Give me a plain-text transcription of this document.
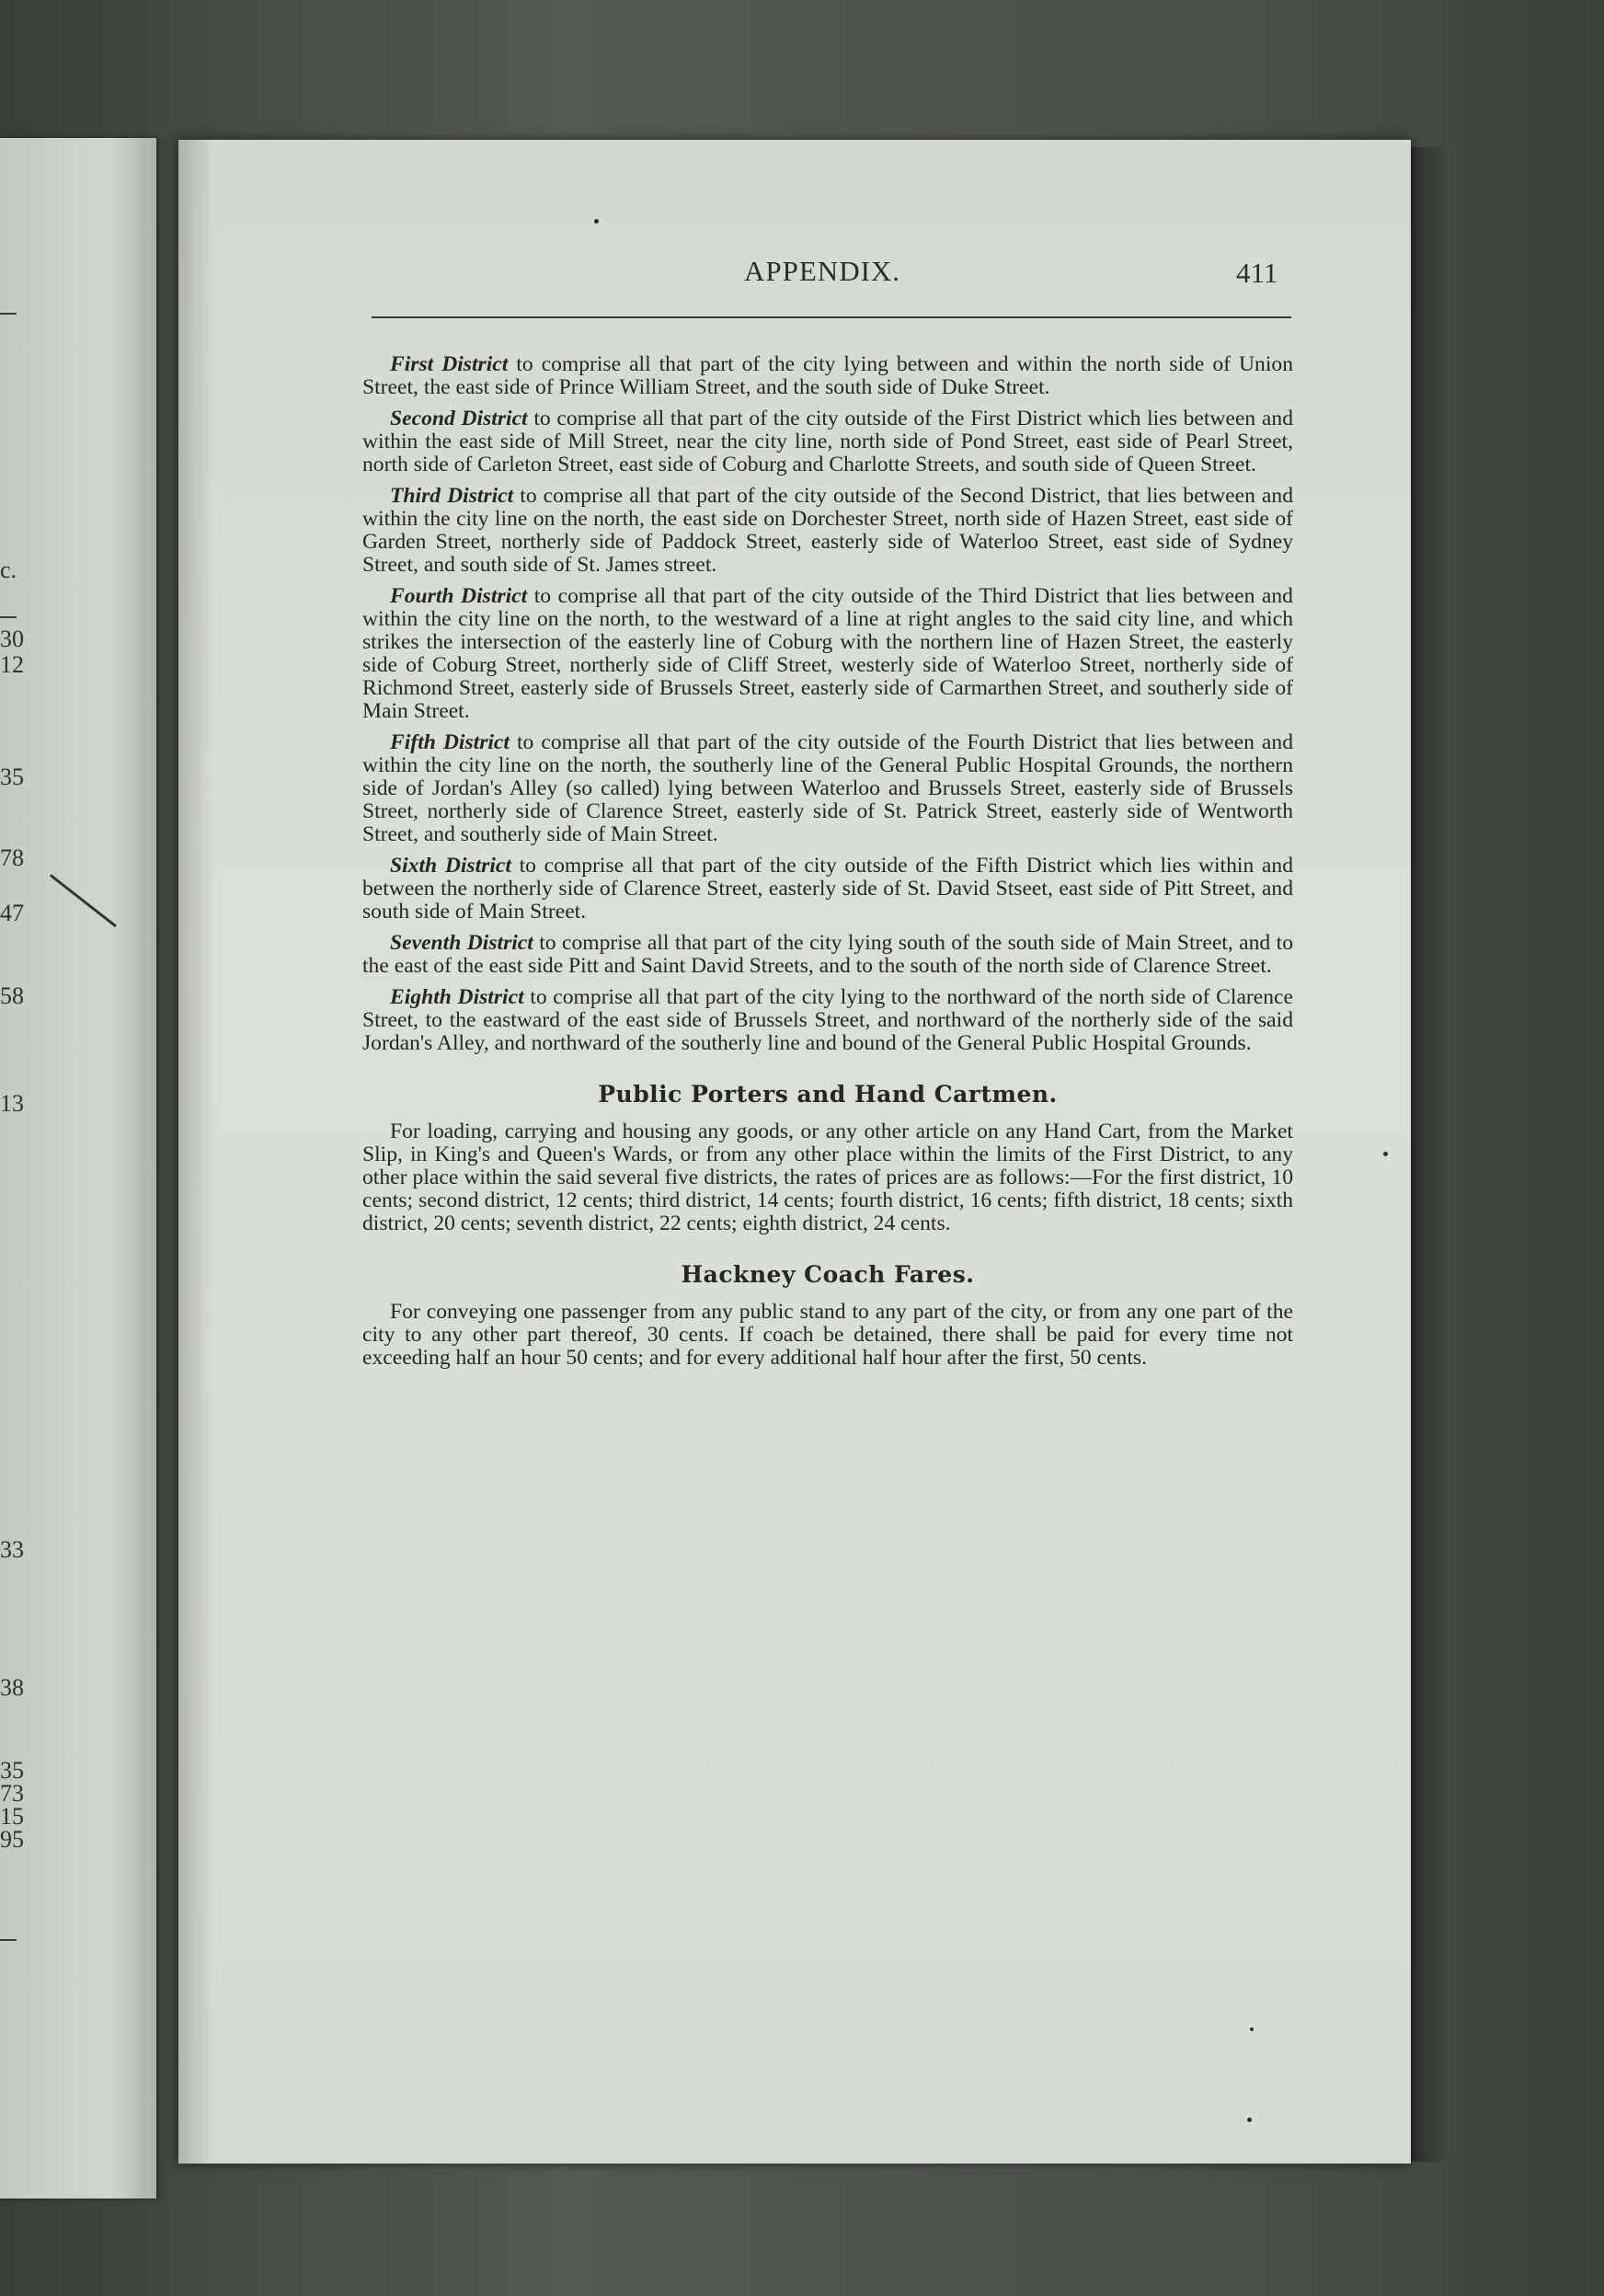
c.
30
12
35
78
47
58
13
33
38
35
73
15
95
APPENDIX.	411

First District to comprise all that part of the city lying between and within the north side of Union Street, the east side of Prince William Street, and the south side of Duke Street.

Second District to comprise all that part of the city outside of the First District which lies between and within the east side of Mill Street, near the city line, north side of Pond Street, east side of Pearl Street, north side of Carleton Street, east side of Coburg and Charlotte Streets, and south side of Queen Street.

Third District to comprise all that part of the city outside of the Second District, that lies between and within the city line on the north, the east side on Dorchester Street, north side of Hazen Street, east side of Garden Street, northerly side of Paddock Street, easterly side of Waterloo Street, east side of Sydney Street, and south side of St. James street.

Fourth District to comprise all that part of the city outside of the Third District that lies between and within the city line on the north, to the westward of a line at right angles to the said city line, and which strikes the intersection of the easterly line of Coburg with the northern line of Hazen Street, the easterly side of Coburg Street, northerly side of Cliff Street, westerly side of Waterloo Street, northerly side of Richmond Street, easterly side of Brussels Street, easterly side of Carmarthen Street, and southerly side of Main Street.

Fifth District to comprise all that part of the city outside of the Fourth District that lies between and within the city line on the north, the southerly line of the General Public Hospital Grounds, the northern side of Jordan's Alley (so called) lying between Waterloo and Brussels Street, easterly side of Brussels Street, northerly side of Clarence Street, easterly side of St. Patrick Street, easterly side of Wentworth Street, and southerly side of Main Street.

Sixth District to comprise all that part of the city outside of the Fifth District which lies within and between the northerly side of Clarence Street, easterly side of St. David Stseet, east side of Pitt Street, and south side of Main Street.

Seventh District to comprise all that part of the city lying south of the south side of Main Street, and to the east of the east side Pitt and Saint David Streets, and to the south of the north side of Clarence Street.

Eighth District to comprise all that part of the city lying to the northward of the north side of Clarence Street, to the eastward of the east side of Brussels Street, and northward of the northerly side of the said Jordan's Alley, and northward of the southerly line and bound of the General Public Hospital Grounds.

Public Porters and Hand Cartmen.

For loading, carrying and housing any goods, or any other article on any Hand Cart, from the Market Slip, in King's and Queen's Wards, or from any other place within the limits of the First District, to any other place within the said several five districts, the rates of prices are as follows:—For the first district, 10 cents; second district, 12 cents; third district, 14 cents; fourth district, 16 cents; fifth district, 18 cents; sixth district, 20 cents; seventh district, 22 cents; eighth district, 24 cents.

Hackney Coach Fares.

For conveying one passenger from any public stand to any part of the city, or from any one part of the city to any other part thereof, 30 cents. If coach be detained, there shall be paid for every time not exceeding half an hour 50 cents; and for every additional half hour after the first, 50 cents.
